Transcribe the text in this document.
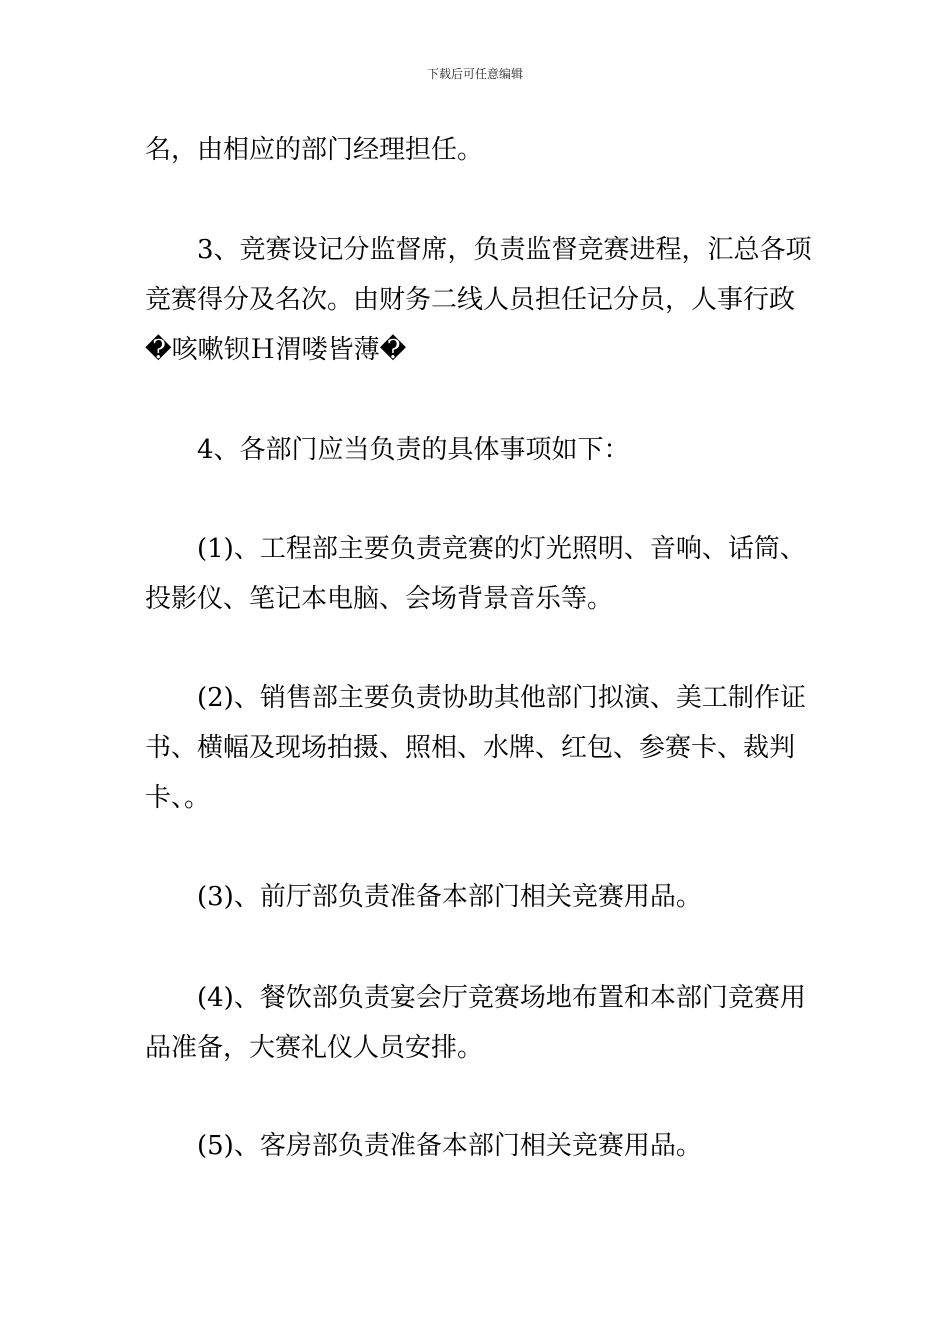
下载后可任意编辑
名，由相应的部门经理担任。
3、竞赛设记分监督席，负责监督竞赛进程，汇总各项
竞赛得分及名次。由财务二线人员担任记分员，人事行政
�咳嗽钡Ｈ渭喽皆薄�
4、各部门应当负责的具体事项如下：
(1)、工程部主要负责竞赛的灯光照明、音响、话筒、
投影仪、笔记本电脑、会场背景音乐等。
(2)、销售部主要负责协助其他部门拟演、美工制作证
书、横幅及现场拍摄、照相、水牌、红包、参赛卡、裁判
卡、。
(3)、前厅部负责准备本部门相关竞赛用品。
(4)、餐饮部负责宴会厅竞赛场地布置和本部门竞赛用
品准备，大赛礼仪人员安排。
(5)、客房部负责准备本部门相关竞赛用品。
